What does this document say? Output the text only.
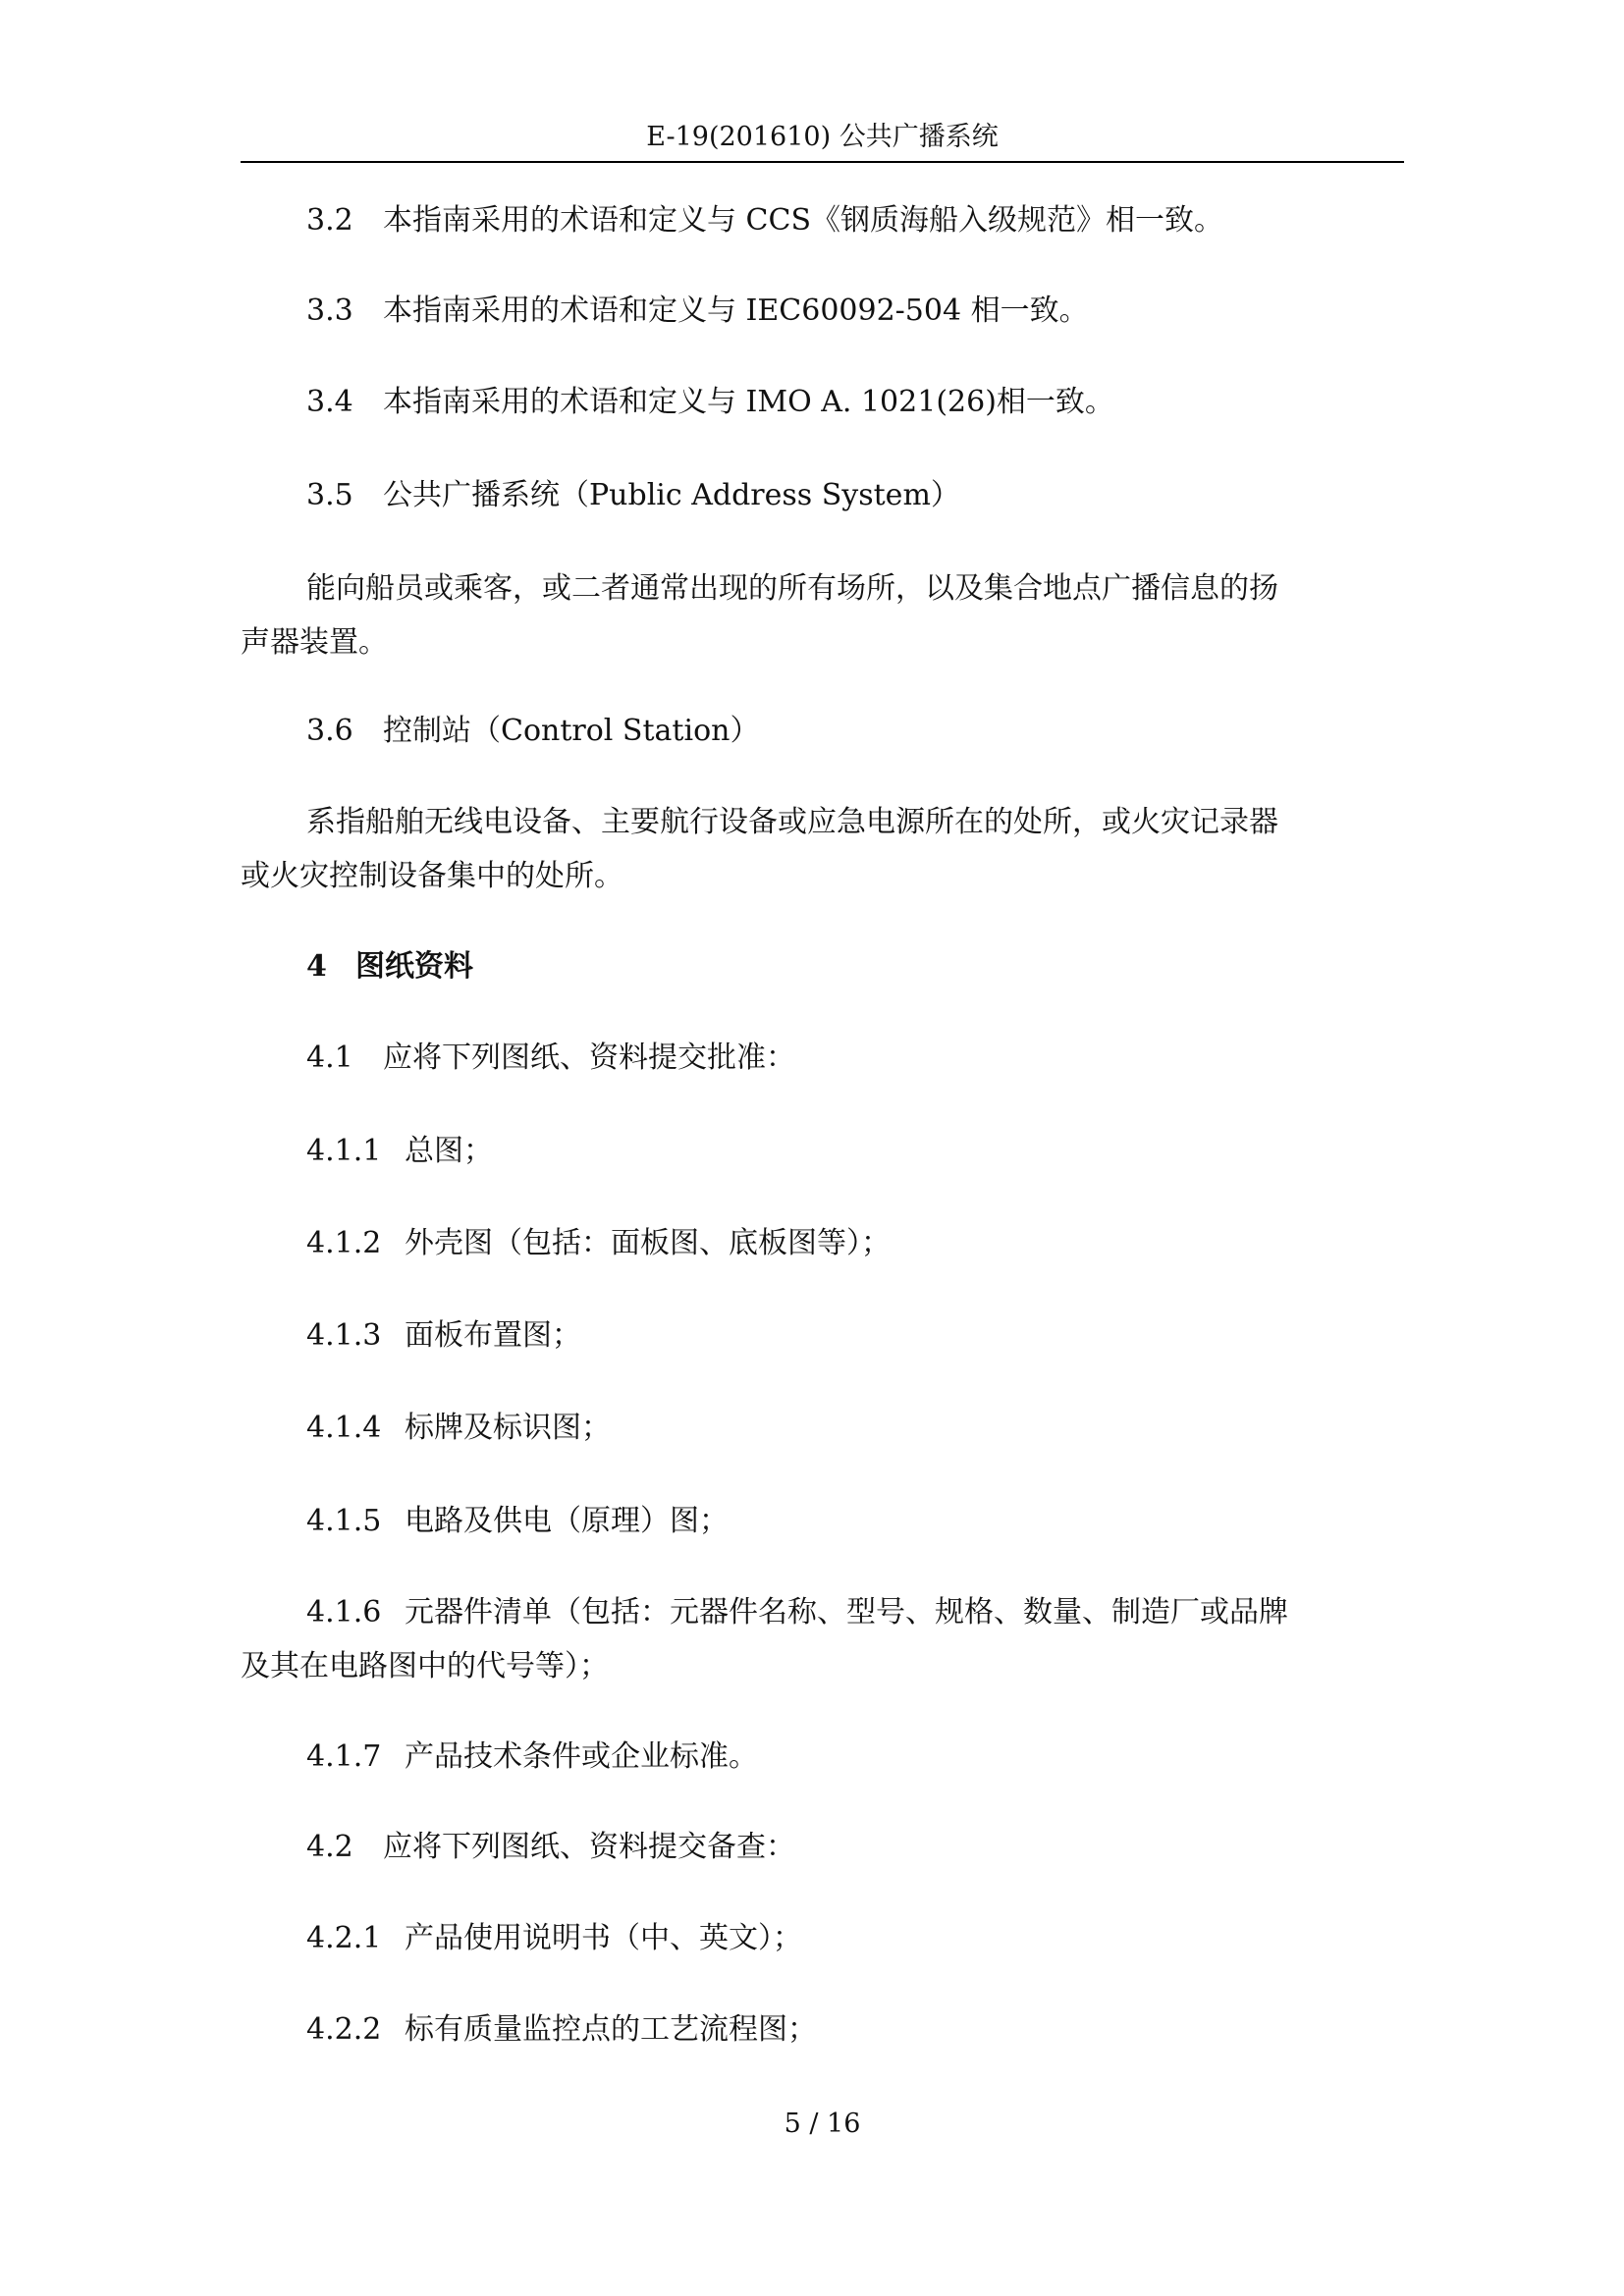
E-19(201610) 公共广播系统
3.2 本指南采用的术语和定义与 CCS《钢质海船入级规范》相一致。
3.3 本指南采用的术语和定义与 IEC60092-504 相一致。
3.4 本指南采用的术语和定义与 IMO A. 1021(26)相一致。
3.5 公共广播系统（Public Address System）
能向船员或乘客，或二者通常出现的所有场所，以及集合地点广播信息的扬
声器装置。
3.6 控制站（Control Station）
系指船舶无线电设备、主要航行设备或应急电源所在的处所，或火灾记录器
或火灾控制设备集中的处所。
4 图纸资料
4.1 应将下列图纸、资料提交批准：
4.1.1 总图；
4.1.2 外壳图（包括：面板图、底板图等）；
4.1.3 面板布置图；
4.1.4 标牌及标识图；
4.1.5 电路及供电（原理）图；
4.1.6 元器件清单（包括：元器件名称、型号、规格、数量、制造厂或品牌
及其在电路图中的代号等）；
4.1.7 产品技术条件或企业标准。
4.2 应将下列图纸、资料提交备查：
4.2.1 产品使用说明书（中、英文）；
4.2.2 标有质量监控点的工艺流程图；
5 / 16
